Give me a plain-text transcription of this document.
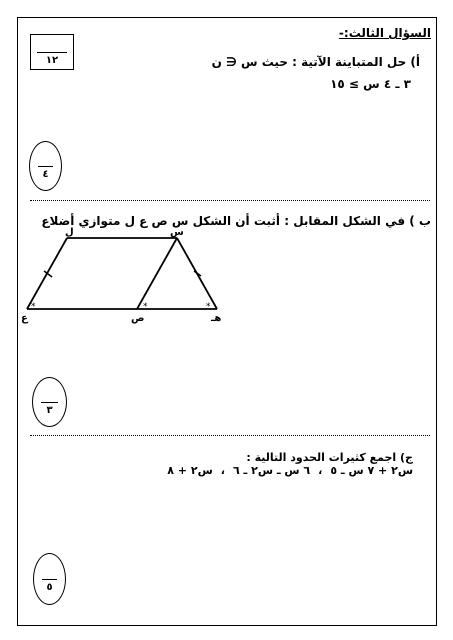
السؤال الثالث:-
١٢	أ) حل المتباينة الآتية : حيث س ∈ ن
٣ ـ ٤ س ≥ ١٥
٤
ب ) في الشكل المقابل : أثبت أن الشكل س ص ع ل متوازي أضلاع
ل	س
ع	ص	هـ
*	*	*
٣
ج) اجمع كثيرات الحدود التالية :
س٢ + ٧ س ـ ٥
،
٦ س ـ س٢ ـ ٦
،
س٢ + ٨
٥
